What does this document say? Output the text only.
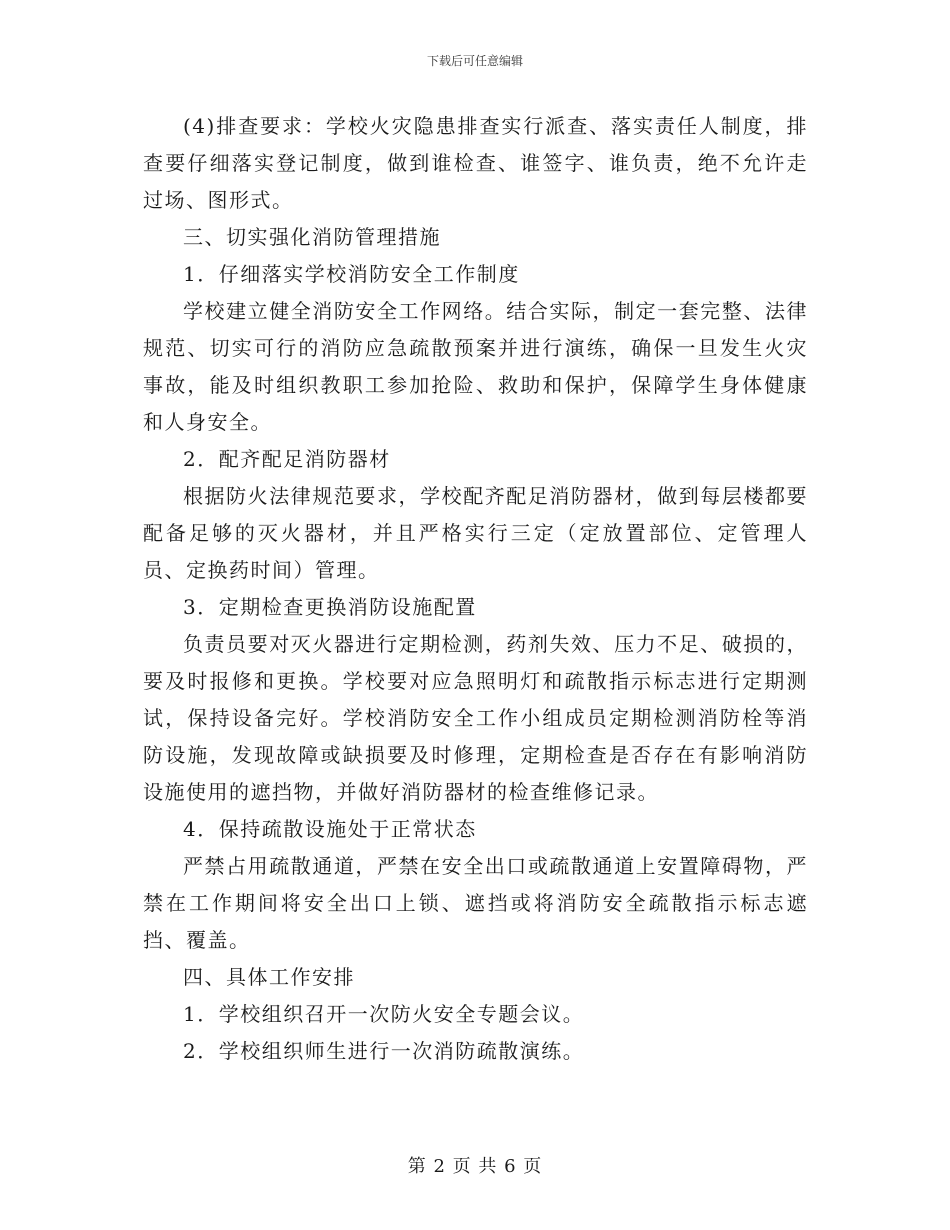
下载后可任意编辑

(4)排查要求：学校火灾隐患排查实行派查、落实责任人制度，排查要仔细落实登记制度，做到谁检查、谁签字、谁负责，绝不允许走过场、图形式。

三、切实强化消防管理措施

1．仔细落实学校消防安全工作制度

学校建立健全消防安全工作网络。结合实际，制定一套完整、法律规范、切实可行的消防应急疏散预案并进行演练，确保一旦发生火灾事故，能及时组织教职工参加抢险、救助和保护，保障学生身体健康和人身安全。

2．配齐配足消防器材

根据防火法律规范要求，学校配齐配足消防器材，做到每层楼都要配备足够的灭火器材，并且严格实行三定（定放置部位、定管理人员、定换药时间）管理。

3．定期检查更换消防设施配置

负责员要对灭火器进行定期检测，药剂失效、压力不足、破损的，要及时报修和更换。学校要对应急照明灯和疏散指示标志进行定期测试，保持设备完好。学校消防安全工作小组成员定期检测消防栓等消防设施，发现故障或缺损要及时修理，定期检查是否存在有影响消防设施使用的遮挡物，并做好消防器材的检查维修记录。

4．保持疏散设施处于正常状态

严禁占用疏散通道，严禁在安全出口或疏散通道上安置障碍物，严禁在工作期间将安全出口上锁、遮挡或将消防安全疏散指示标志遮挡、覆盖。

四、具体工作安排

1．学校组织召开一次防火安全专题会议。

2．学校组织师生进行一次消防疏散演练。

第 2 页 共 6 页
